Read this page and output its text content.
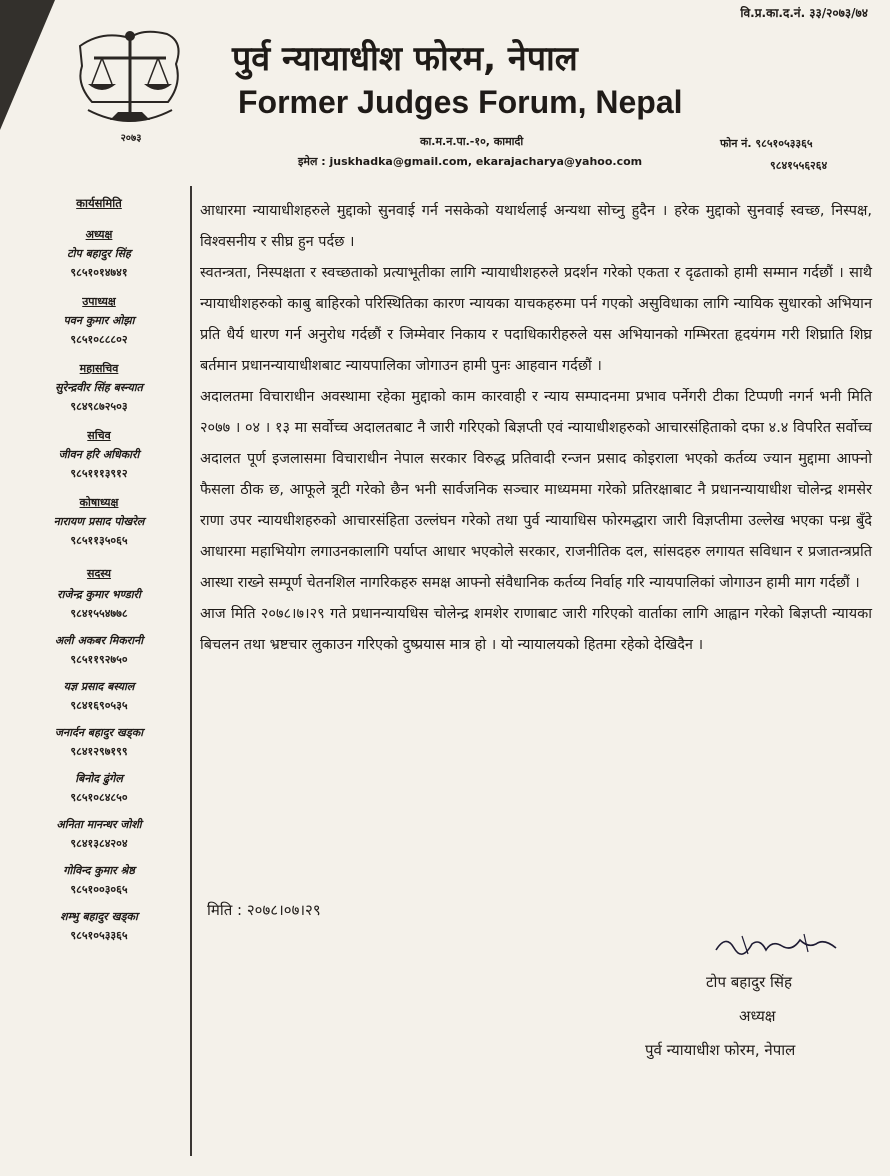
वि.प्र.का.द.नं. ३३/२०७३/७४
२०७३
पुर्व न्यायाधीश फोरम, नेपाल
Former Judges Forum, Nepal
का.म.न.पा.-१०, कामादी
इमेल : juskhadka@gmail.com, ekarajacharya@yahoo.com
फोन नं. ९८५१०५३३६५
९८४१५५६२६४
कार्यसमिति
अध्यक्ष
टोप बहादुर सिंह
९८५१०१४७४१
उपाध्यक्ष
पवन कुमार ओझा
९८५१०८८८०२
महासचिव
सुरेन्द्रवीर सिंह बस्न्यात
९८४९८७२५०३
सचिव
जीवन हरि अधिकारी
९८५१११३९१२
कोषाध्यक्ष
नारायण प्रसाद पोखरेल
९८५११३५०६५
सदस्य
राजेन्द्र कुमार भण्डारी
९८४१५५४७७८
अली अकबर मिकरानी
९८५११९२७५०
यज्ञ प्रसाद बस्याल
९८४१६९०५३५
जनार्दन बहादुर खड्का
९८४१२९७१९९
बिनोद ढुंगेल
९८५१०८४८५०
अनिता मानन्धर जोशी
९८४१३८४२०४
गोविन्द कुमार श्रेष्ठ
९८५१००३०६५
शम्भु बहादुर खड्का
९८५१०५३३६५

आधारमा न्यायाधीशहरुले मुद्दाको सुनवाई गर्न नसकेको यथार्थलाई अन्यथा सोच्नु हुदैन । हरेक मुद्दाको सुनवाई स्वच्छ, निस्पक्ष, विश्वसनीय र सीघ्र हुन पर्दछ ।

स्वतन्त्रता, निस्पक्षता र स्वच्छताको प्रत्याभूतीका लागि न्यायाधीशहरुले प्रदर्शन गरेको एकता र दृढताको हामी सम्मान गर्दछौं । साथै न्यायाधीशहरुको काबु बाहिरको परिस्थितिका कारण न्यायका याचकहरुमा पर्न गएको असुविधाका लागि न्यायिक सुधारको अभियान प्रति धैर्य धारण गर्न अनुरोध गर्दछौं र जिम्मेवार निकाय र पदाधिकारीहरुले यस अभियानको गम्भिरता हृदयंगम गरी शिघ्राति शिघ्र बर्तमान प्रधानन्यायाधीशबाट न्यायपालिका जोगाउन हामी पुनः आहवान गर्दछौं ।

अदालतमा विचाराधीन अवस्थामा रहेका मुद्दाको काम कारवाही र न्याय सम्पादनमा प्रभाव पर्नेगरी टीका टिप्पणी नगर्न भनी मिति २०७७ । ०४ । १३ मा सर्वोच्च अदालतबाट नै जारी गरिएको बिज्ञप्ती एवं न्यायाधीशहरुको आचारसंहिताको दफा ४.४ विपरित सर्वोच्च अदालत पूर्ण इजलासमा विचाराधीन नेपाल सरकार विरुद्ध प्रतिवादी रन्जन प्रसाद कोइराला भएको कर्तव्य ज्यान मुद्दामा आफ्नो फैसला ठीक छ, आफूले त्रूटी गरेको छैन भनी सार्वजनिक सञ्चार माध्यममा गरेको प्रतिरक्षाबाट नै प्रधानन्यायाधीश चोलेन्द्र शमसेर राणा उपर न्यायधीशहरुको आचारसंहिता उल्लंघन गरेको तथा पुर्व न्यायाधिस फोरमद्धारा जारी विज्ञप्तीमा उल्लेख भएका पन्ध्र बुँदे आधारमा महाभियोग लगाउनकालागि पर्याप्त आधार भएकोले सरकार, राजनीतिक दल, सांसदहरु लगायत सविधान र प्रजातन्त्रप्रति आस्था राख्ने सम्पूर्ण चेतनशिल नागरिकहरु समक्ष आफ्नो संवैधानिक कर्तव्य निर्वाह गरि न्यायपालिकां जोगाउन हामी माग गर्दछौं ।

आज मिति २०७८।७।२९ गते प्रधानन्यायधिस चोलेन्द्र शमशेर राणाबाट जारी गरिएको वार्ताका लागि आह्वान गरेको बिज्ञप्ती न्यायका बिचलन तथा भ्रष्टचार लुकाउन गरिएको दुष्प्रयास मात्र हो । यो न्यायालयको हितमा रहेको देखिदैन ।

मिति : २०७८।०७।२९
टोप बहादुर सिंह
अध्यक्ष
पुर्व न्यायाधीश फोरम, नेपाल
